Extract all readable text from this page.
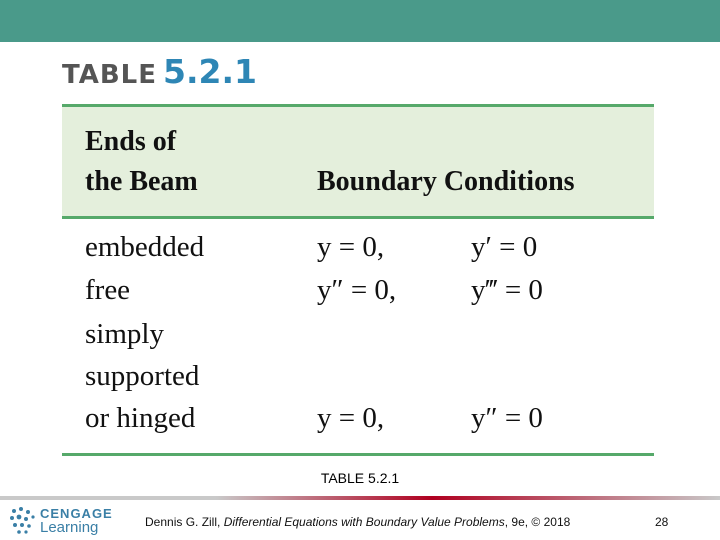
TABLE 5.2.1
Ends of
the Beam	Boundary Conditions
embedded	y = 0,	y′ = 0
free	y″ = 0,	y‴ = 0
simply
supported
or hinged	y = 0,	y″ = 0
TABLE 5.2.1
CENGAGE
Learning	Dennis G. Zill, Differential Equations with Boundary Value Problems, 9e, © 2018	28
